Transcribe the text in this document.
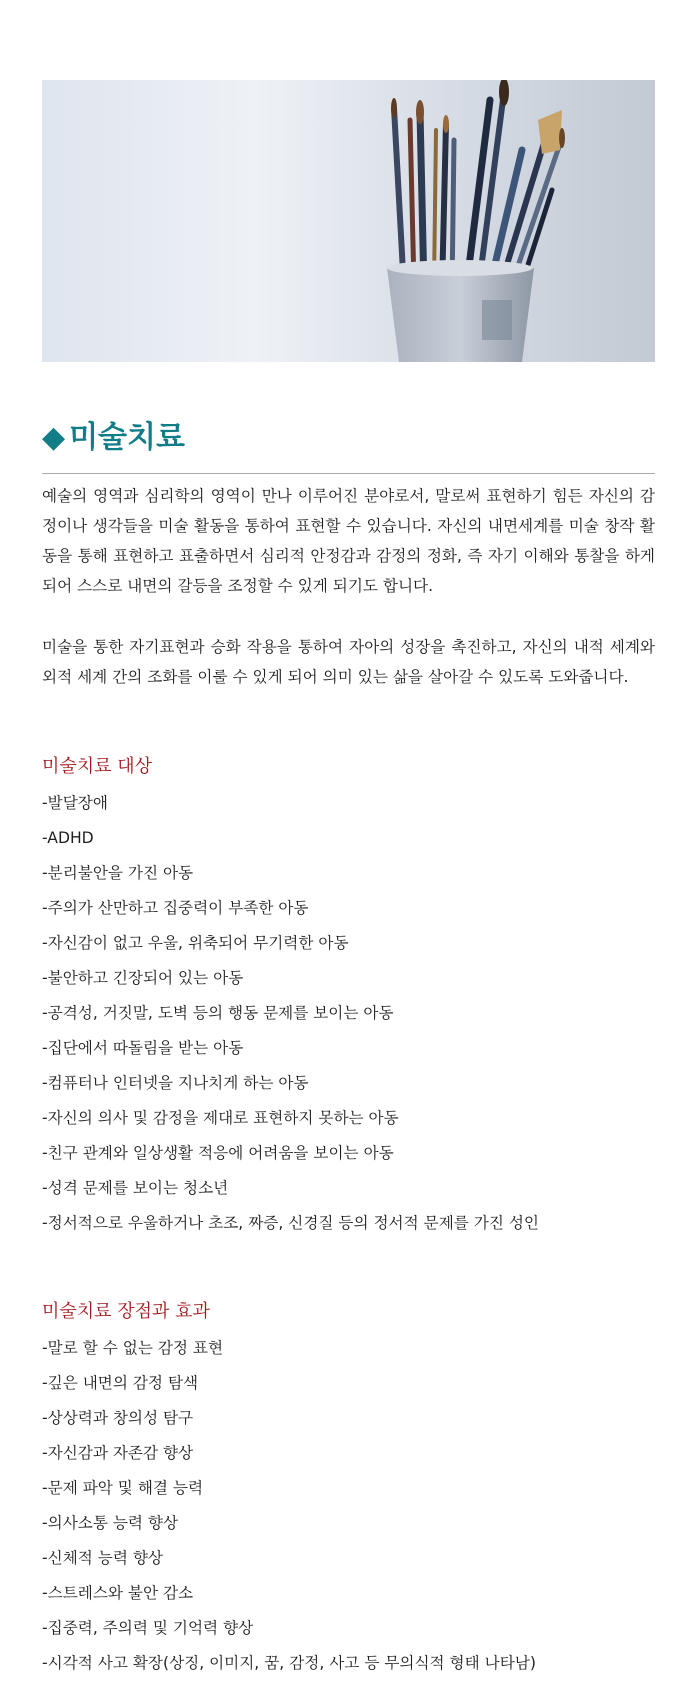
◆ 미술치료

예술의 영역과 심리학의 영역이 만나 이루어진 분야로서, 말로써 표현하기 힘든 자신의 감정이나 생각들을 미술 활동을 통하여 표현할 수 있습니다. 자신의 내면세계를 미술 창작 활동을 통해 표현하고 표출하면서 심리적 안정감과 감정의 정화, 즉 자기 이해와 통찰을 하게 되어 스스로 내면의 갈등을 조정할 수 있게 되기도 합니다.

미술을 통한 자기표현과 승화 작용을 통하여 자아의 성장을 촉진하고, 자신의 내적 세계와 외적 세계 간의 조화를 이룰 수 있게 되어 의미 있는 삶을 살아갈 수 있도록 도와줍니다.

미술치료 대상
-발달장애
-ADHD
-분리불안을 가진 아동
-주의가 산만하고 집중력이 부족한 아동
-자신감이 없고 우울, 위축되어 무기력한 아동
-불안하고 긴장되어 있는 아동
-공격성, 거짓말, 도벽 등의 행동 문제를 보이는 아동
-집단에서 따돌림을 받는 아동
-컴퓨터나 인터넷을 지나치게 하는 아동
-자신의 의사 및 감정을 제대로 표현하지 못하는 아동
-친구 관계와 일상생활 적응에 어려움을 보이는 아동
-성격 문제를 보이는 청소년
-정서적으로 우울하거나 초조, 짜증, 신경질 등의 정서적 문제를 가진 성인
미술치료 장점과 효과
-말로 할 수 없는 감정 표현
-깊은 내면의 감정 탐색
-상상력과 창의성 탐구
-자신감과 자존감 향상
-문제 파악 및 해결 능력
-의사소통 능력 향상
-신체적 능력 향상
-스트레스와 불안 감소
-집중력, 주의력 및 기억력 향상
-시각적 사고 확장(상징, 이미지, 꿈, 감정, 사고 등 무의식적 형태 나타남)
